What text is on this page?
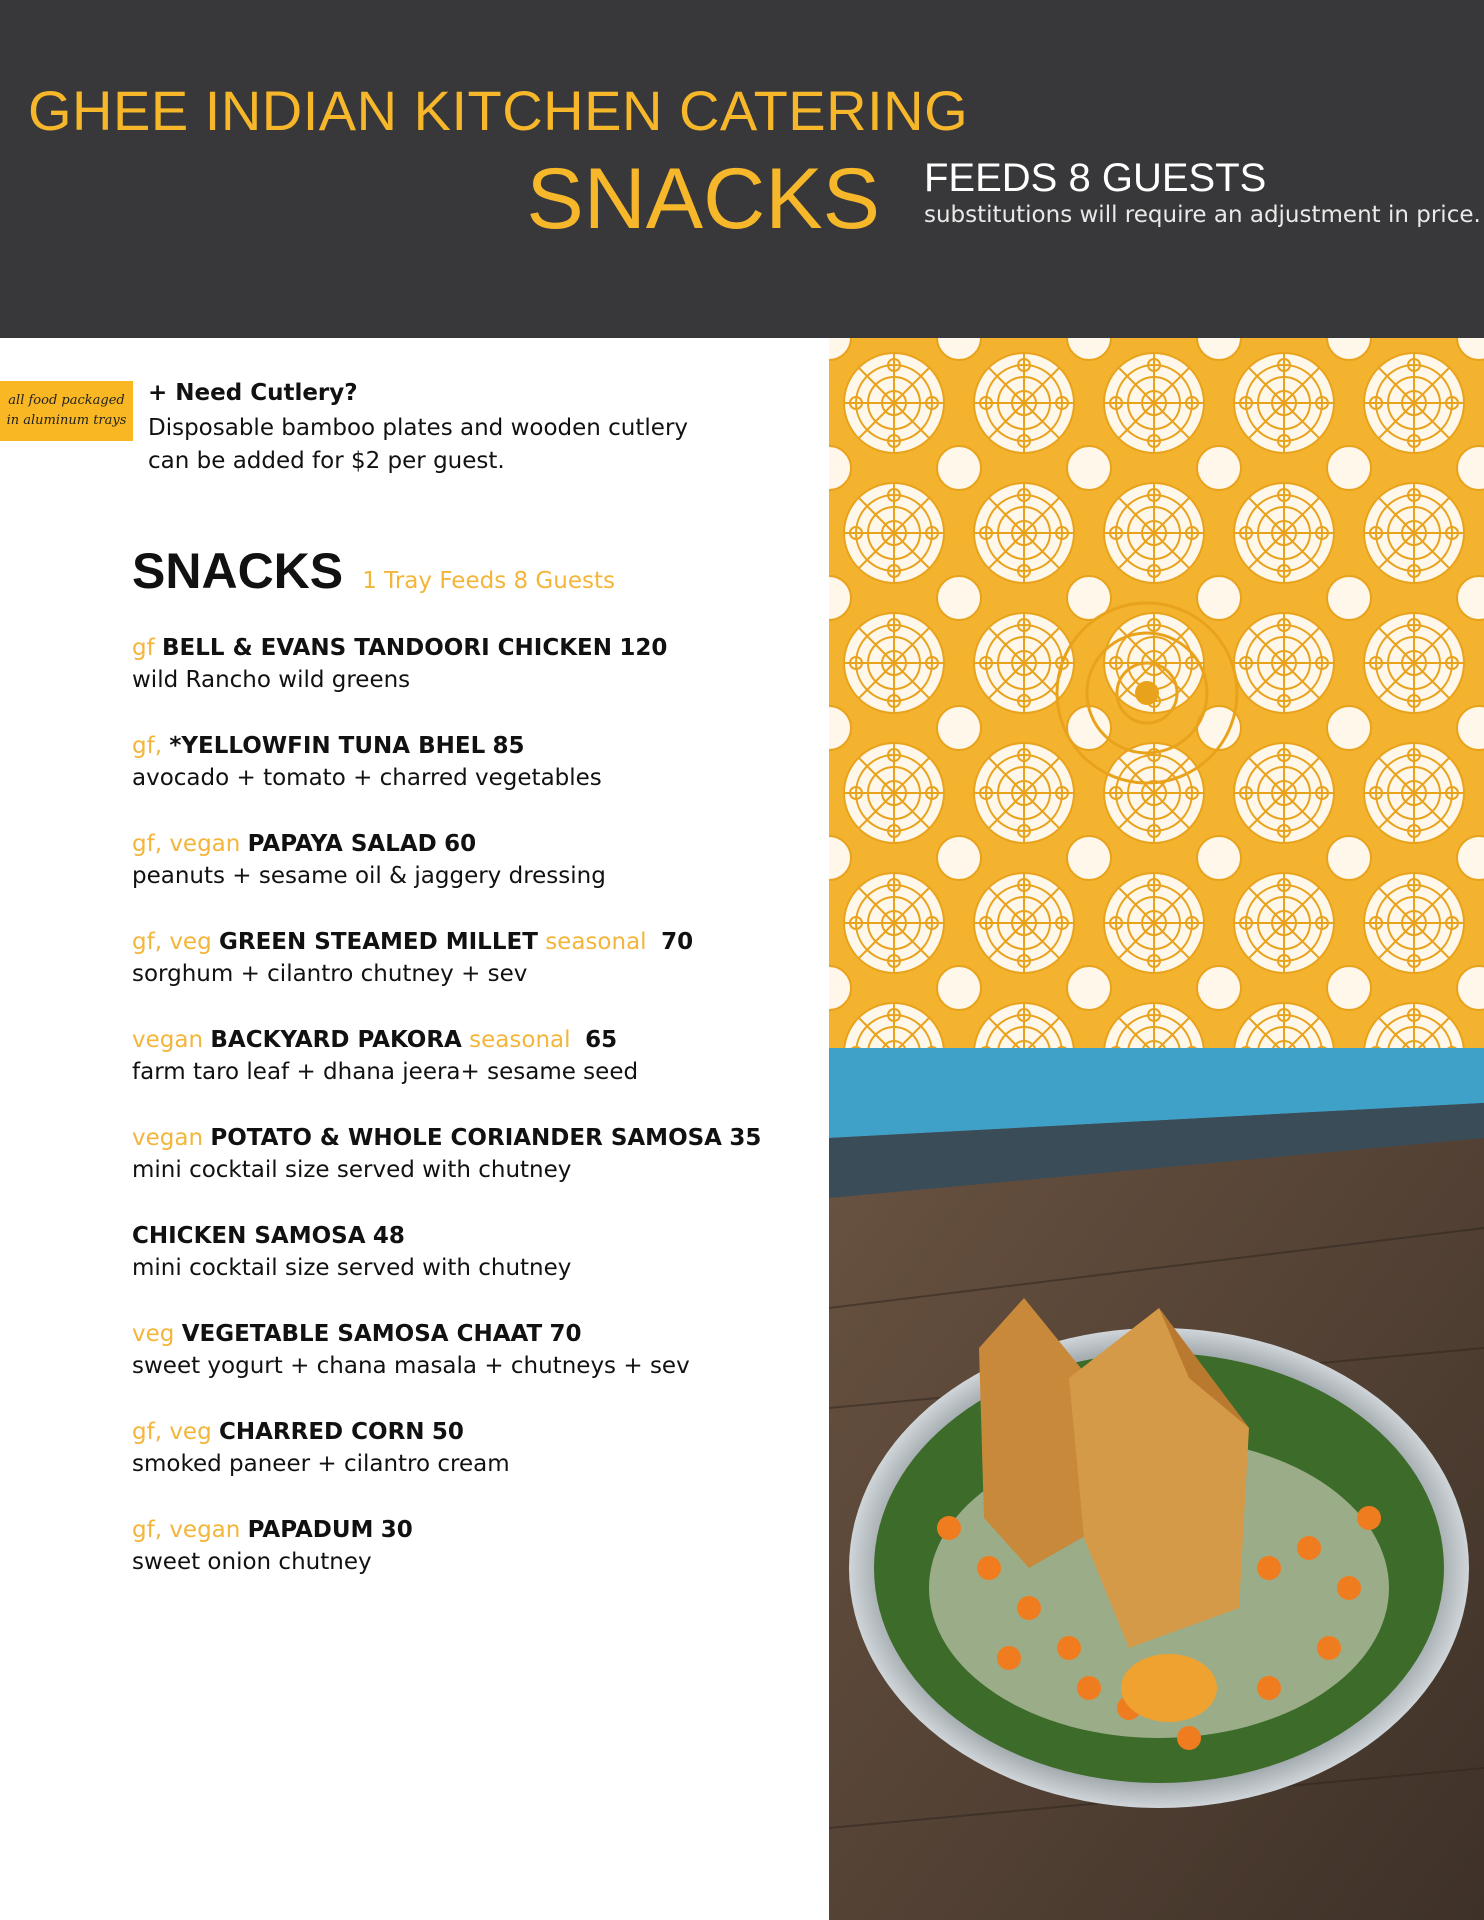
GHEE INDIAN KITCHEN CATERING
SNACKS FEEDS 8 GUESTS
substitutions will require an adjustment in price.
all food packaged
in aluminum trays
+ Need Cutlery?
Disposable bamboo plates and wooden cutlery
can be added for $2 per guest.
SNACKS 1 Tray Feeds 8 Guests
gf BELL & EVANS TANDOORI CHICKEN 120
wild Rancho wild greens
gf, *YELLOWFIN TUNA BHEL 85
avocado + tomato + charred vegetables
gf, vegan PAPAYA SALAD 60
peanuts + sesame oil & jaggery dressing
gf, veg GREEN STEAMED MILLET seasonal 70
sorghum + cilantro chutney + sev
vegan BACKYARD PAKORA seasonal 65
farm taro leaf + dhana jeera+ sesame seed
vegan POTATO & WHOLE CORIANDER SAMOSA 35
mini cocktail size served with chutney
CHICKEN SAMOSA 48
mini cocktail size served with chutney
veg VEGETABLE SAMOSA CHAAT 70
sweet yogurt + chana masala + chutneys + sev
gf, veg CHARRED CORN 50
smoked paneer + cilantro cream
gf, vegan PAPADUM 30
sweet onion chutney
